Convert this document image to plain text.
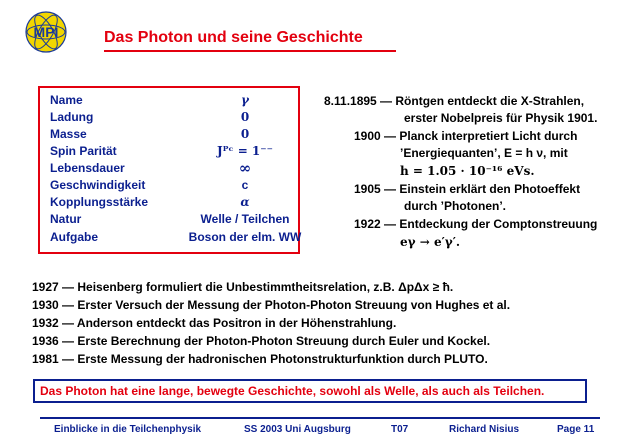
MPI	Das Photon und seine Geschichte
Name	γ
Ladung	0
Masse	0
Spin Parität	Jᴾᶜ = 1⁻⁻
Lebensdauer	∞
Geschwindigkeit	c
Kopplungsstärke	α
Natur	Welle / Teilchen
Aufgabe	Boson der elm. WW
8.11.1895 — Röntgen entdeckt die X-Strahlen,
erster Nobelpreis für Physik 1901.
1900 — Planck interpretiert Licht durch
’Energiequanten’, E = h ν, mit
h = 1.05 · 10⁻¹⁶ eVs.
1905 — Einstein erklärt den Photoeffekt
durch ’Photonen’.
1922 — Entdeckung der Comptonstreuung
eγ → e′γ′.
1927 — Heisenberg formuliert die Unbestimmtheitsrelation, z.B. ΔpΔx ≥ ħ.
1930 — Erster Versuch der Messung der Photon-Photon Streuung von Hughes et al.
1932 — Anderson entdeckt das Positron in der Höhenstrahlung.
1936 — Erste Berechnung der Photon-Photon Streuung durch Euler und Kockel.
1981 — Erste Messung der hadronischen Photonstrukturfunktion durch PLUTO.
Das Photon hat eine lange, bewegte Geschichte, sowohl als Welle, als auch als Teilchen.
Einblicke in die Teilchenphysik	SS 2003 Uni Augsburg	T07	Richard Nisius	Page 11
